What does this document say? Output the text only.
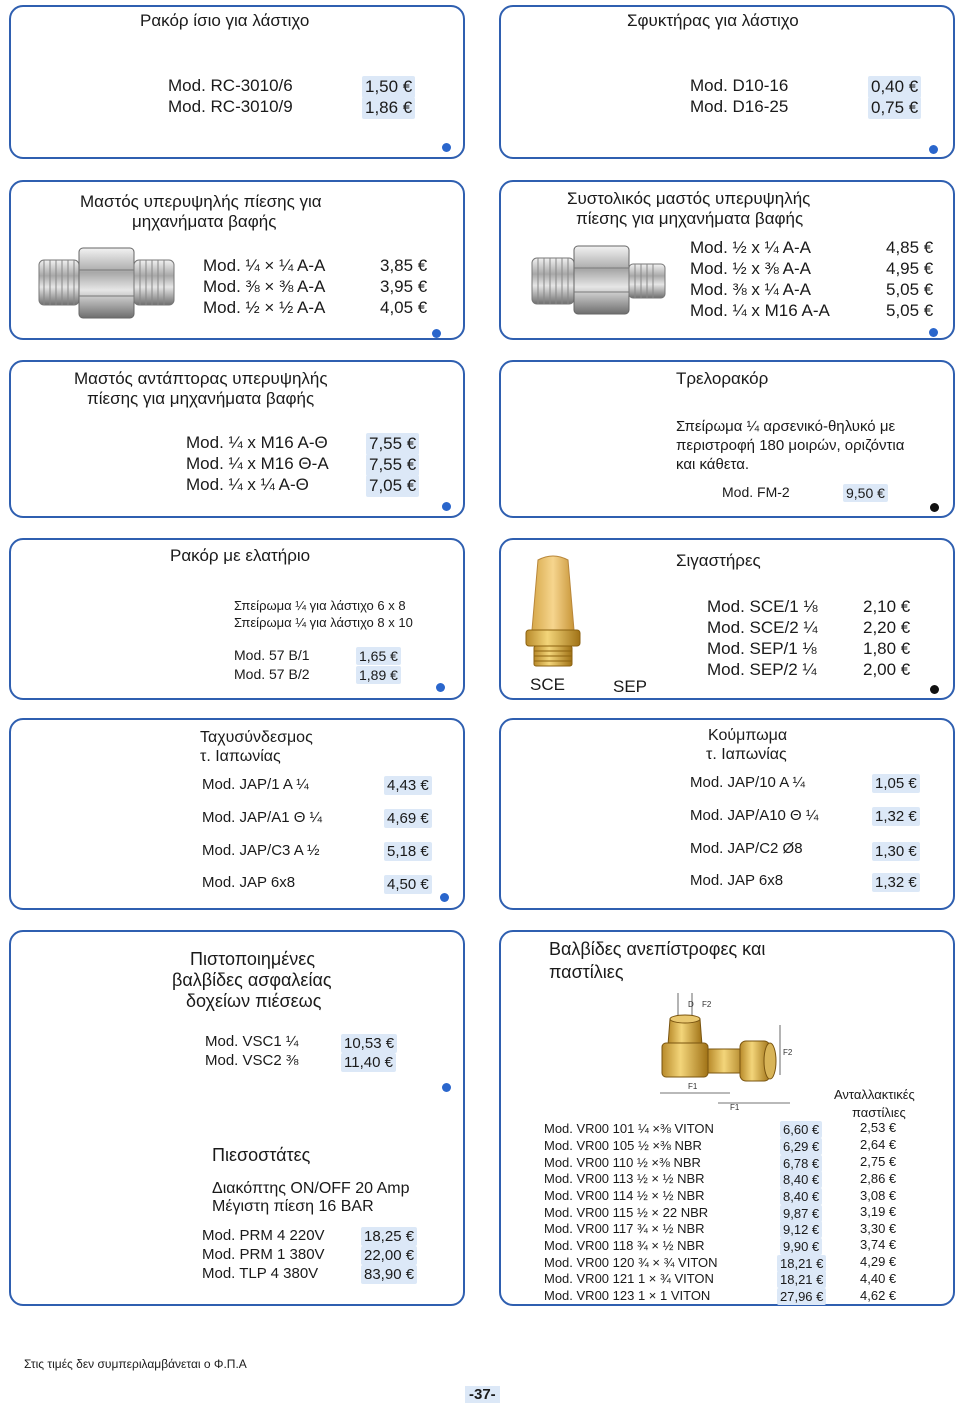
Ρακόρ ίσιο για λάστιχο
Mod. RC-3010/6	1,50 €
Mod. RC-3010/9	1,86 €
Σφυκτήρας για λάστιχο
Mod. D10-16	0,40 €
Mod. D16-25	0,75 €
Μαστός υπερυψηλής πίεσης για
μηχανήματα βαφής
Mod. ¼ × ¼ A-A	3,85 €
Mod. ⅜ × ⅜ A-A	3,95 €
Mod. ½ × ½ A-A	4,05 €
Συστολικός μαστός υπερυψηλής
πίεσης για μηχανήματα βαφής
Mod. ½ x ¼ A-A	4,85 €
Mod. ½ x ⅜ A-A	4,95 €
Mod. ⅜ x ¼ A-A	5,05 €
Mod. ¼ x M16 A-A	5,05 €
Μαστός αντάπτορας υπερυψηλής
πίεσης για μηχανήματα βαφής
Mod. ¼ x M16 A-Θ 7,55 €
Mod. ¼ x M16 Θ-A 7,55 €
Mod. ¼ x ¼ A-Θ	7,05 €
Τρελορακόρ
Σπείρωμα ¼ αρσενικό-θηλυκό με
περιστροφή 180 μοιρών, οριζόντια
και κάθετα.
Mod. FM-2	9,50 €
Ρακόρ με ελατήριο
Σπείρωμα ¼ για λάστιχο 6 x 8
Σπείρωμα ¼ για λάστιχο 8 x 10
Mod. 57 B/1	1,65 €
Mod. 57 B/2	1,89 €
Σιγαστήρες
SCE	SEP
Mod. SCE/1 ⅛	2,10 €
Mod. SCE/2 ¼	2,20 €
Mod. SEP/1 ⅛	1,80 €
Mod. SEP/2 ¼	2,00 €
Ταχυσύνδεσμος
τ. Ιαπωνίας
Mod. JAP/1 A ¼	4,43 €
Mod. JAP/A1 Θ ¼	4,69 €
Mod. JAP/C3 A ½	5,18 €
Mod. JAP 6x8	4,50 €
Κούμπωμα
τ. Ιαπωνίας
Mod. JAP/10 A ¼	1,05 €
Mod. JAP/A10 Θ ¼	1,32 €
Mod. JAP/C2 Ø8	1,30 €
Mod. JAP 6x8	1,32 €
Πιστοποιημένες
βαλβίδες ασφαλείας
δοχείων πιέσεως
Mod. VSC1 ¼	10,53 €
Mod. VSC2 ⅜	11,40 €
Πιεσοστάτες
Διακόπτης ON/OFF 20 Amp
Μέγιστη πίεση 16 BAR
Mod. PRM 4 220V	18,25 €
Mod. PRM 1 380V	22,00 €
Mod. TLP 4 380V	83,90 €
Βαλβίδες ανεπίστροφες και
παστίλιες
D F2
F1
F2
F1
Ανταλλακτικές
παστίλιες
Mod. VR00 101 ¼ ×⅜ VITON	6,60 €	2,53 €
Mod. VR00 105 ½ ×⅜ NBR	6,29 €	2,64 €
Mod. VR00 110 ½ ×⅜ NBR	6,78 €	2,75 €
Mod. VR00 113 ½ × ½ NBR	8,40 €	2,86 €
Mod. VR00 114 ½ × ½ NBR	8,40 €	3,08 €
Mod. VR00 115 ½ × 22 NBR	9,87 €	3,19 €
Mod. VR00 117 ¾ × ½ NBR	9,12 €	3,30 €
Mod. VR00 118 ¾ × ½ NBR	9,90 €	3,74 €
Mod. VR00 120 ¾ × ¾ VITON	18,21 €	4,29 €
Mod. VR00 121 1 × ¾ VITON	18,21 €	4,40 €
Mod. VR00 123 1 × 1 VITON	27,96 €	4,62 €
Στις τιμές δεν συμπεριλαμβάνεται ο Φ.Π.Α
-37-
